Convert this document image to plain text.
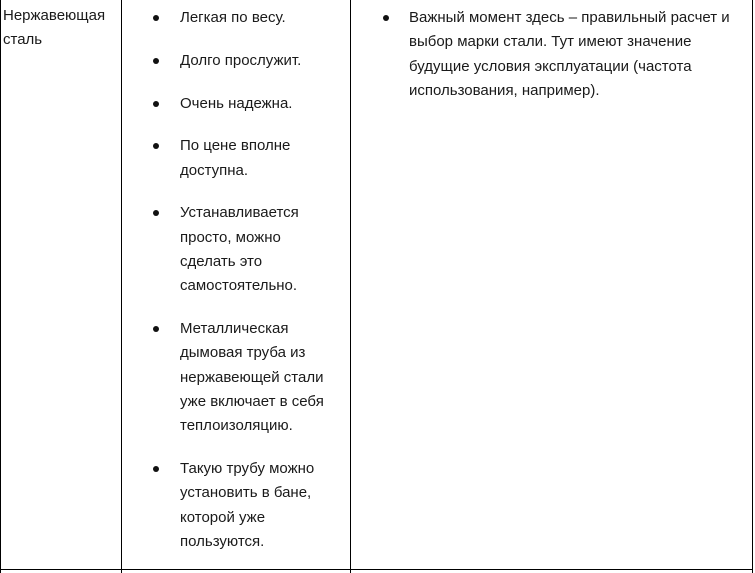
Нержавеющая
сталь
Легкая по весу.
Долго прослужит.
Очень надежна.
По цене вполне доступна.
Устанавливается просто, можно сделать это самостоятельно.
Металлическая дымовая труба из нержавеющей стали уже включает в себя теплоизоляцию.
Такую трубу можно установить в бане, которой уже пользуются.
Важный момент здесь – правильный расчет и выбор марки стали. Тут имеют значение будущие условия эксплуатации (частота использования, например).
